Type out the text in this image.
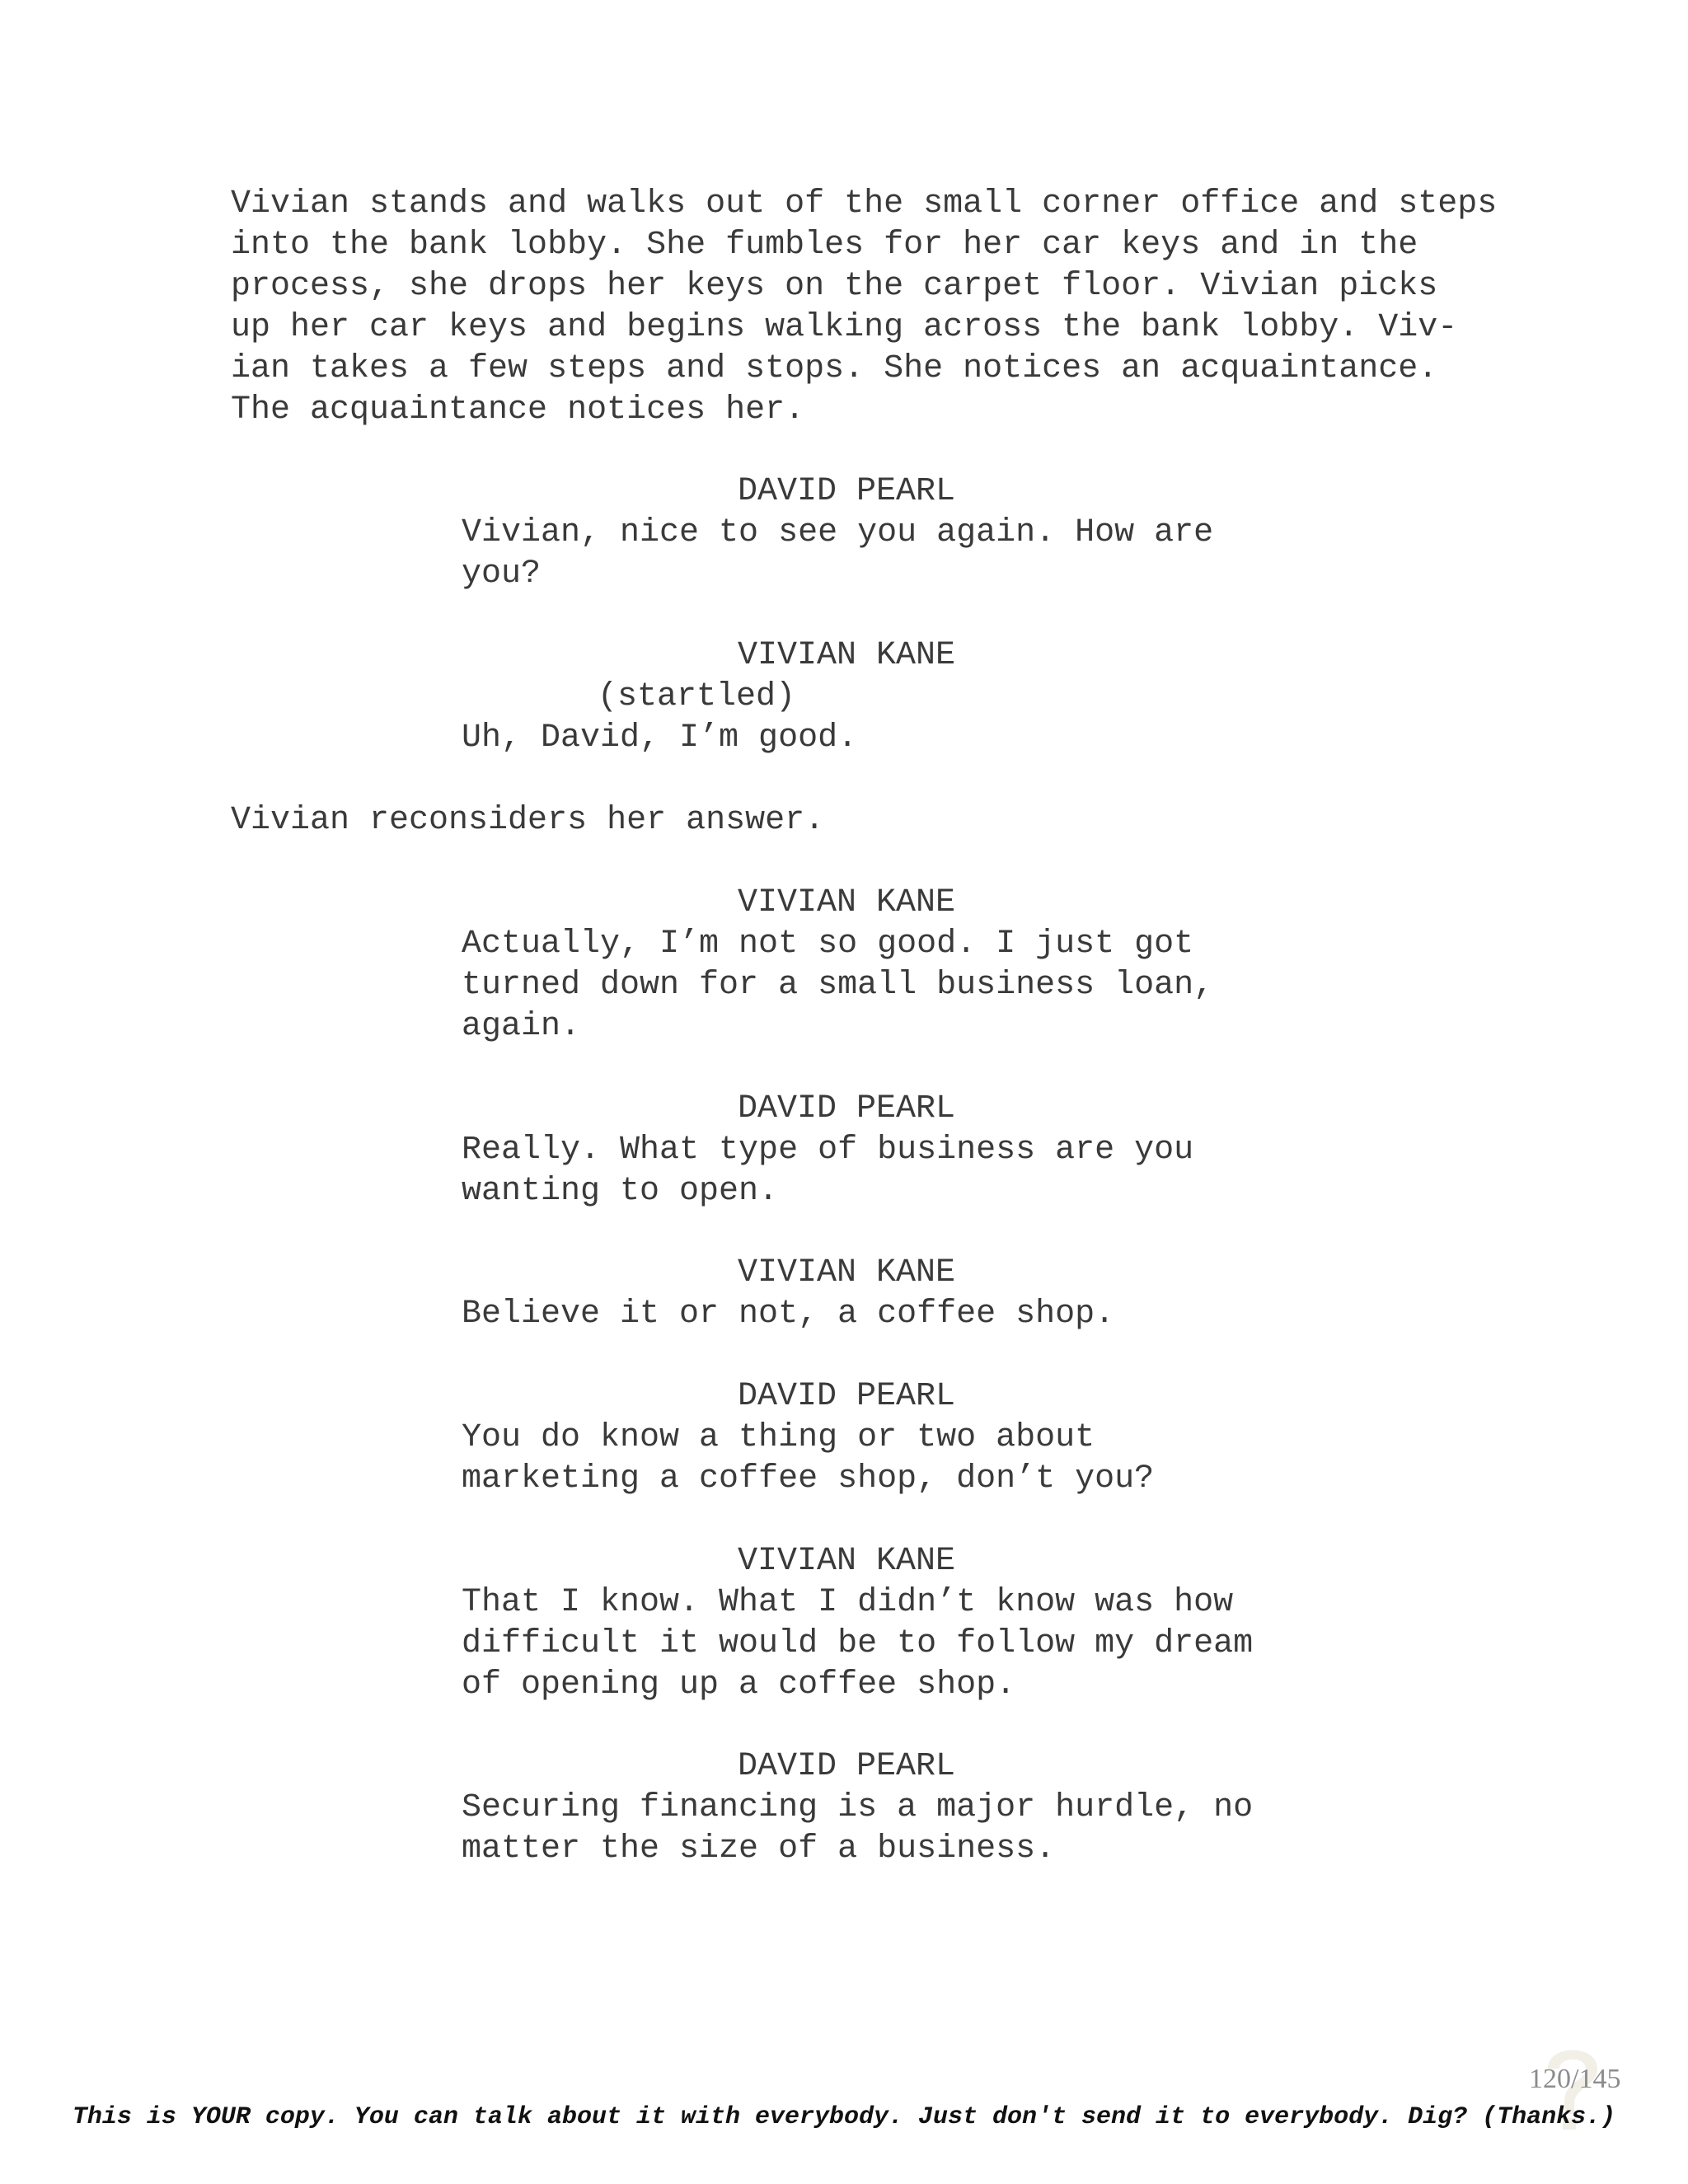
Vivian stands and walks out of the small corner office and steps
into the bank lobby. She fumbles for her car keys and in the
process, she drops her keys on the carpet floor. Vivian picks
up her car keys and begins walking across the bank lobby. Viv-
ian takes a few steps and stops. She notices an acquaintance.
The acquaintance notices her.

DAVID PEARL

Vivian, nice to see you again. How are
you?

VIVIAN KANE

(startled)

Uh, David, I’m good.

Vivian reconsiders her answer.

VIVIAN KANE

Actually, I’m not so good. I just got
turned down for a small business loan,
again.

DAVID PEARL

Really. What type of business are you
wanting to open.

VIVIAN KANE

Believe it or not, a coffee shop.

DAVID PEARL

You do know a thing or two about
marketing a coffee shop, don’t you?

VIVIAN KANE

That I know. What I didn’t know was how
difficult it would be to follow my dream
of opening up a coffee shop.

DAVID PEARL

Securing financing is a major hurdle, no
matter the size of a business.

120/145
This is YOUR copy. You can talk about it with everybody. Just don't send it to everybody. Dig? (Thanks.)
